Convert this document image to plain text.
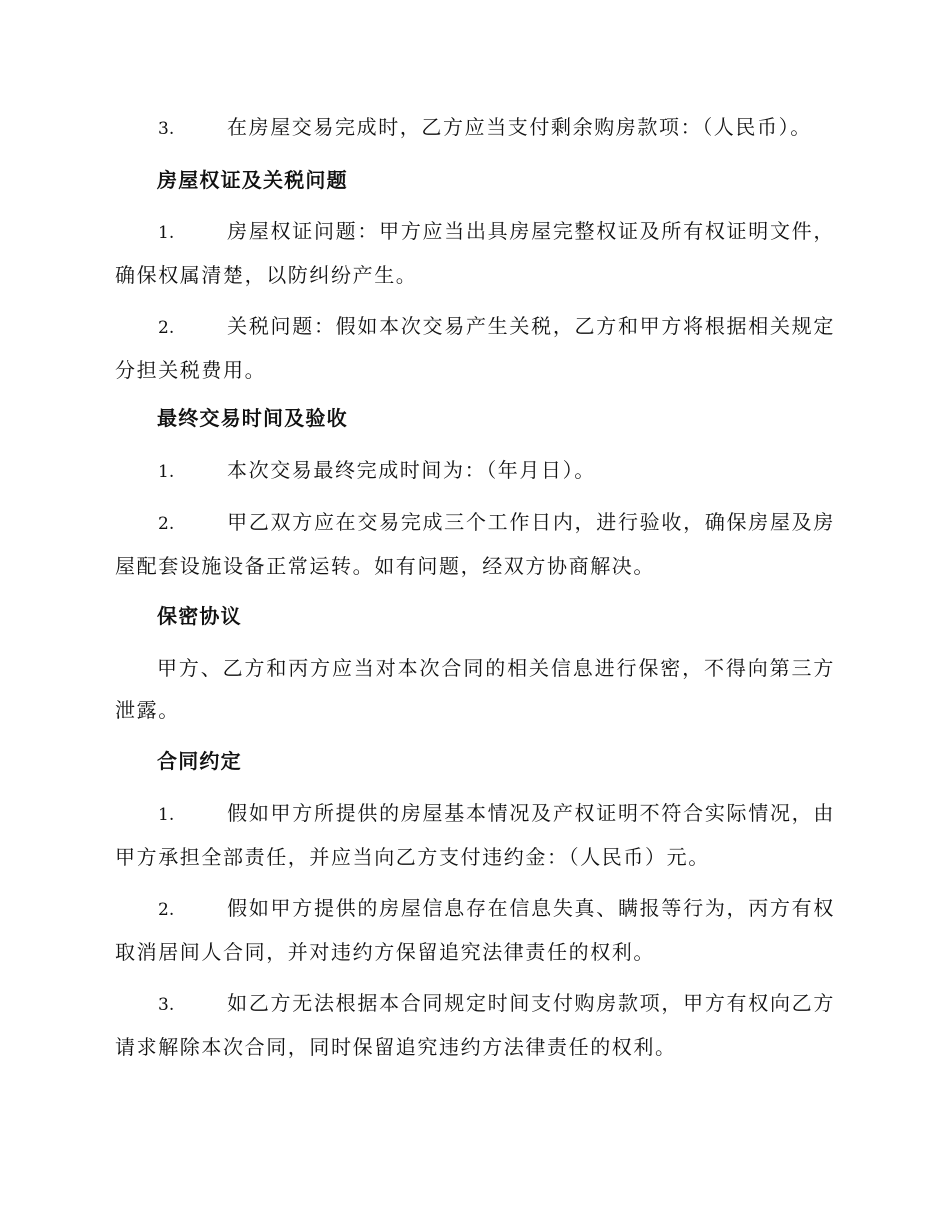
3.	在房屋交易完成时，乙方应当支付剩余购房款项：（人民币）。
房屋权证及关税问题
1.	房屋权证问题：甲方应当出具房屋完整权证及所有权证明文件，确保权属清楚，以防纠纷产生。
2.	关税问题：假如本次交易产生关税，乙方和甲方将根据相关规定分担关税费用。
最终交易时间及验收
1.	本次交易最终完成时间为：（年月日）。
2.	甲乙双方应在交易完成三个工作日内，进行验收，确保房屋及房屋配套设施设备正常运转。如有问题，经双方协商解决。
保密协议
甲方、乙方和丙方应当对本次合同的相关信息进行保密，不得向第三方泄露。
合同约定
1.	假如甲方所提供的房屋基本情况及产权证明不符合实际情况，由甲方承担全部责任，并应当向乙方支付违约金：（人民币）元。
2.	假如甲方提供的房屋信息存在信息失真、瞒报等行为，丙方有权取消居间人合同，并对违约方保留追究法律责任的权利。
3.	如乙方无法根据本合同规定时间支付购房款项，甲方有权向乙方请求解除本次合同，同时保留追究违约方法律责任的权利。
